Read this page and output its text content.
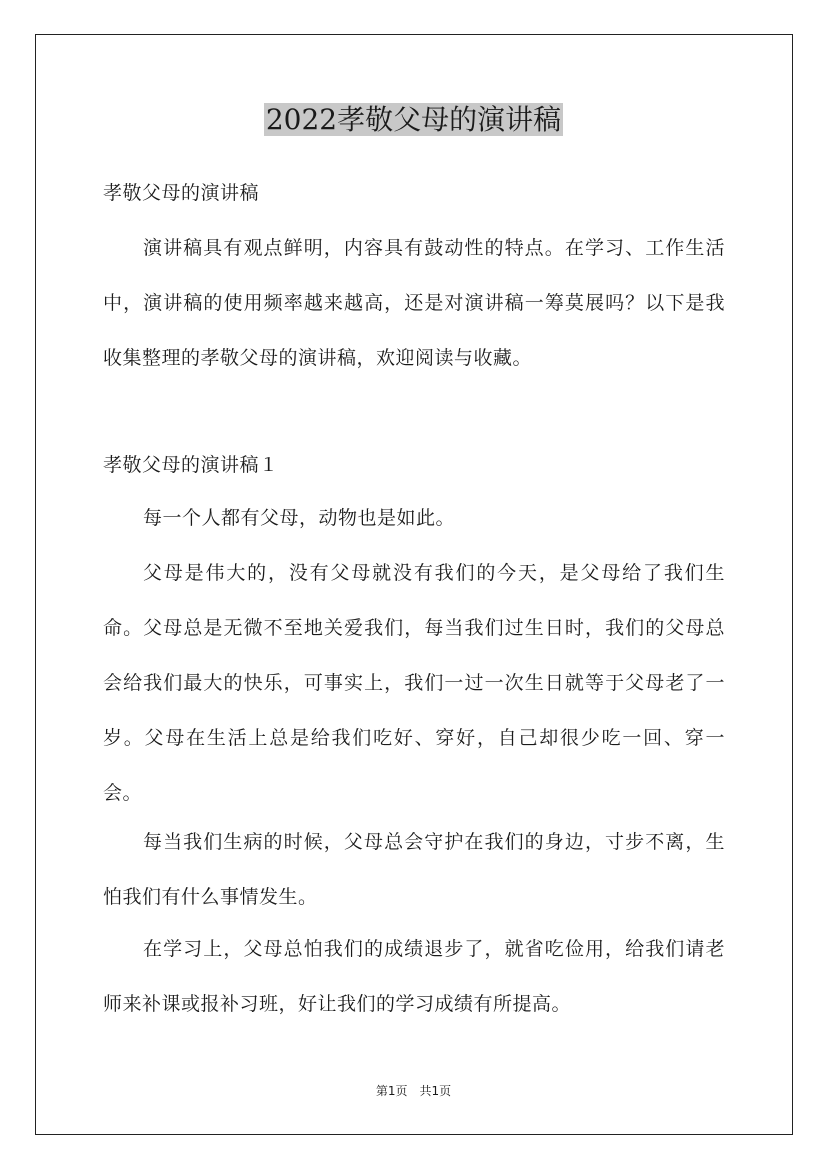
2022孝敬父母的演讲稿

孝敬父母的演讲稿

演讲稿具有观点鲜明，内容具有鼓动性的特点。在学习、工作生活中，演讲稿的使用频率越来越高，还是对演讲稿一筹莫展吗？以下是我收集整理的孝敬父母的演讲稿，欢迎阅读与收藏。

孝敬父母的演讲稿１

每一个人都有父母，动物也是如此。

父母是伟大的，没有父母就没有我们的今天，是父母给了我们生命。父母总是无微不至地关爱我们，每当我们过生日时，我们的父母总会给我们最大的快乐，可事实上，我们一过一次生日就等于父母老了一岁。父母在生活上总是给我们吃好、穿好，自己却很少吃一回、穿一会。

每当我们生病的时候，父母总会守护在我们的身边，寸步不离，生怕我们有什么事情发生。

在学习上，父母总怕我们的成绩退步了，就省吃俭用，给我们请老师来补课或报补习班，好让我们的学习成绩有所提高。

第1页　共1页
